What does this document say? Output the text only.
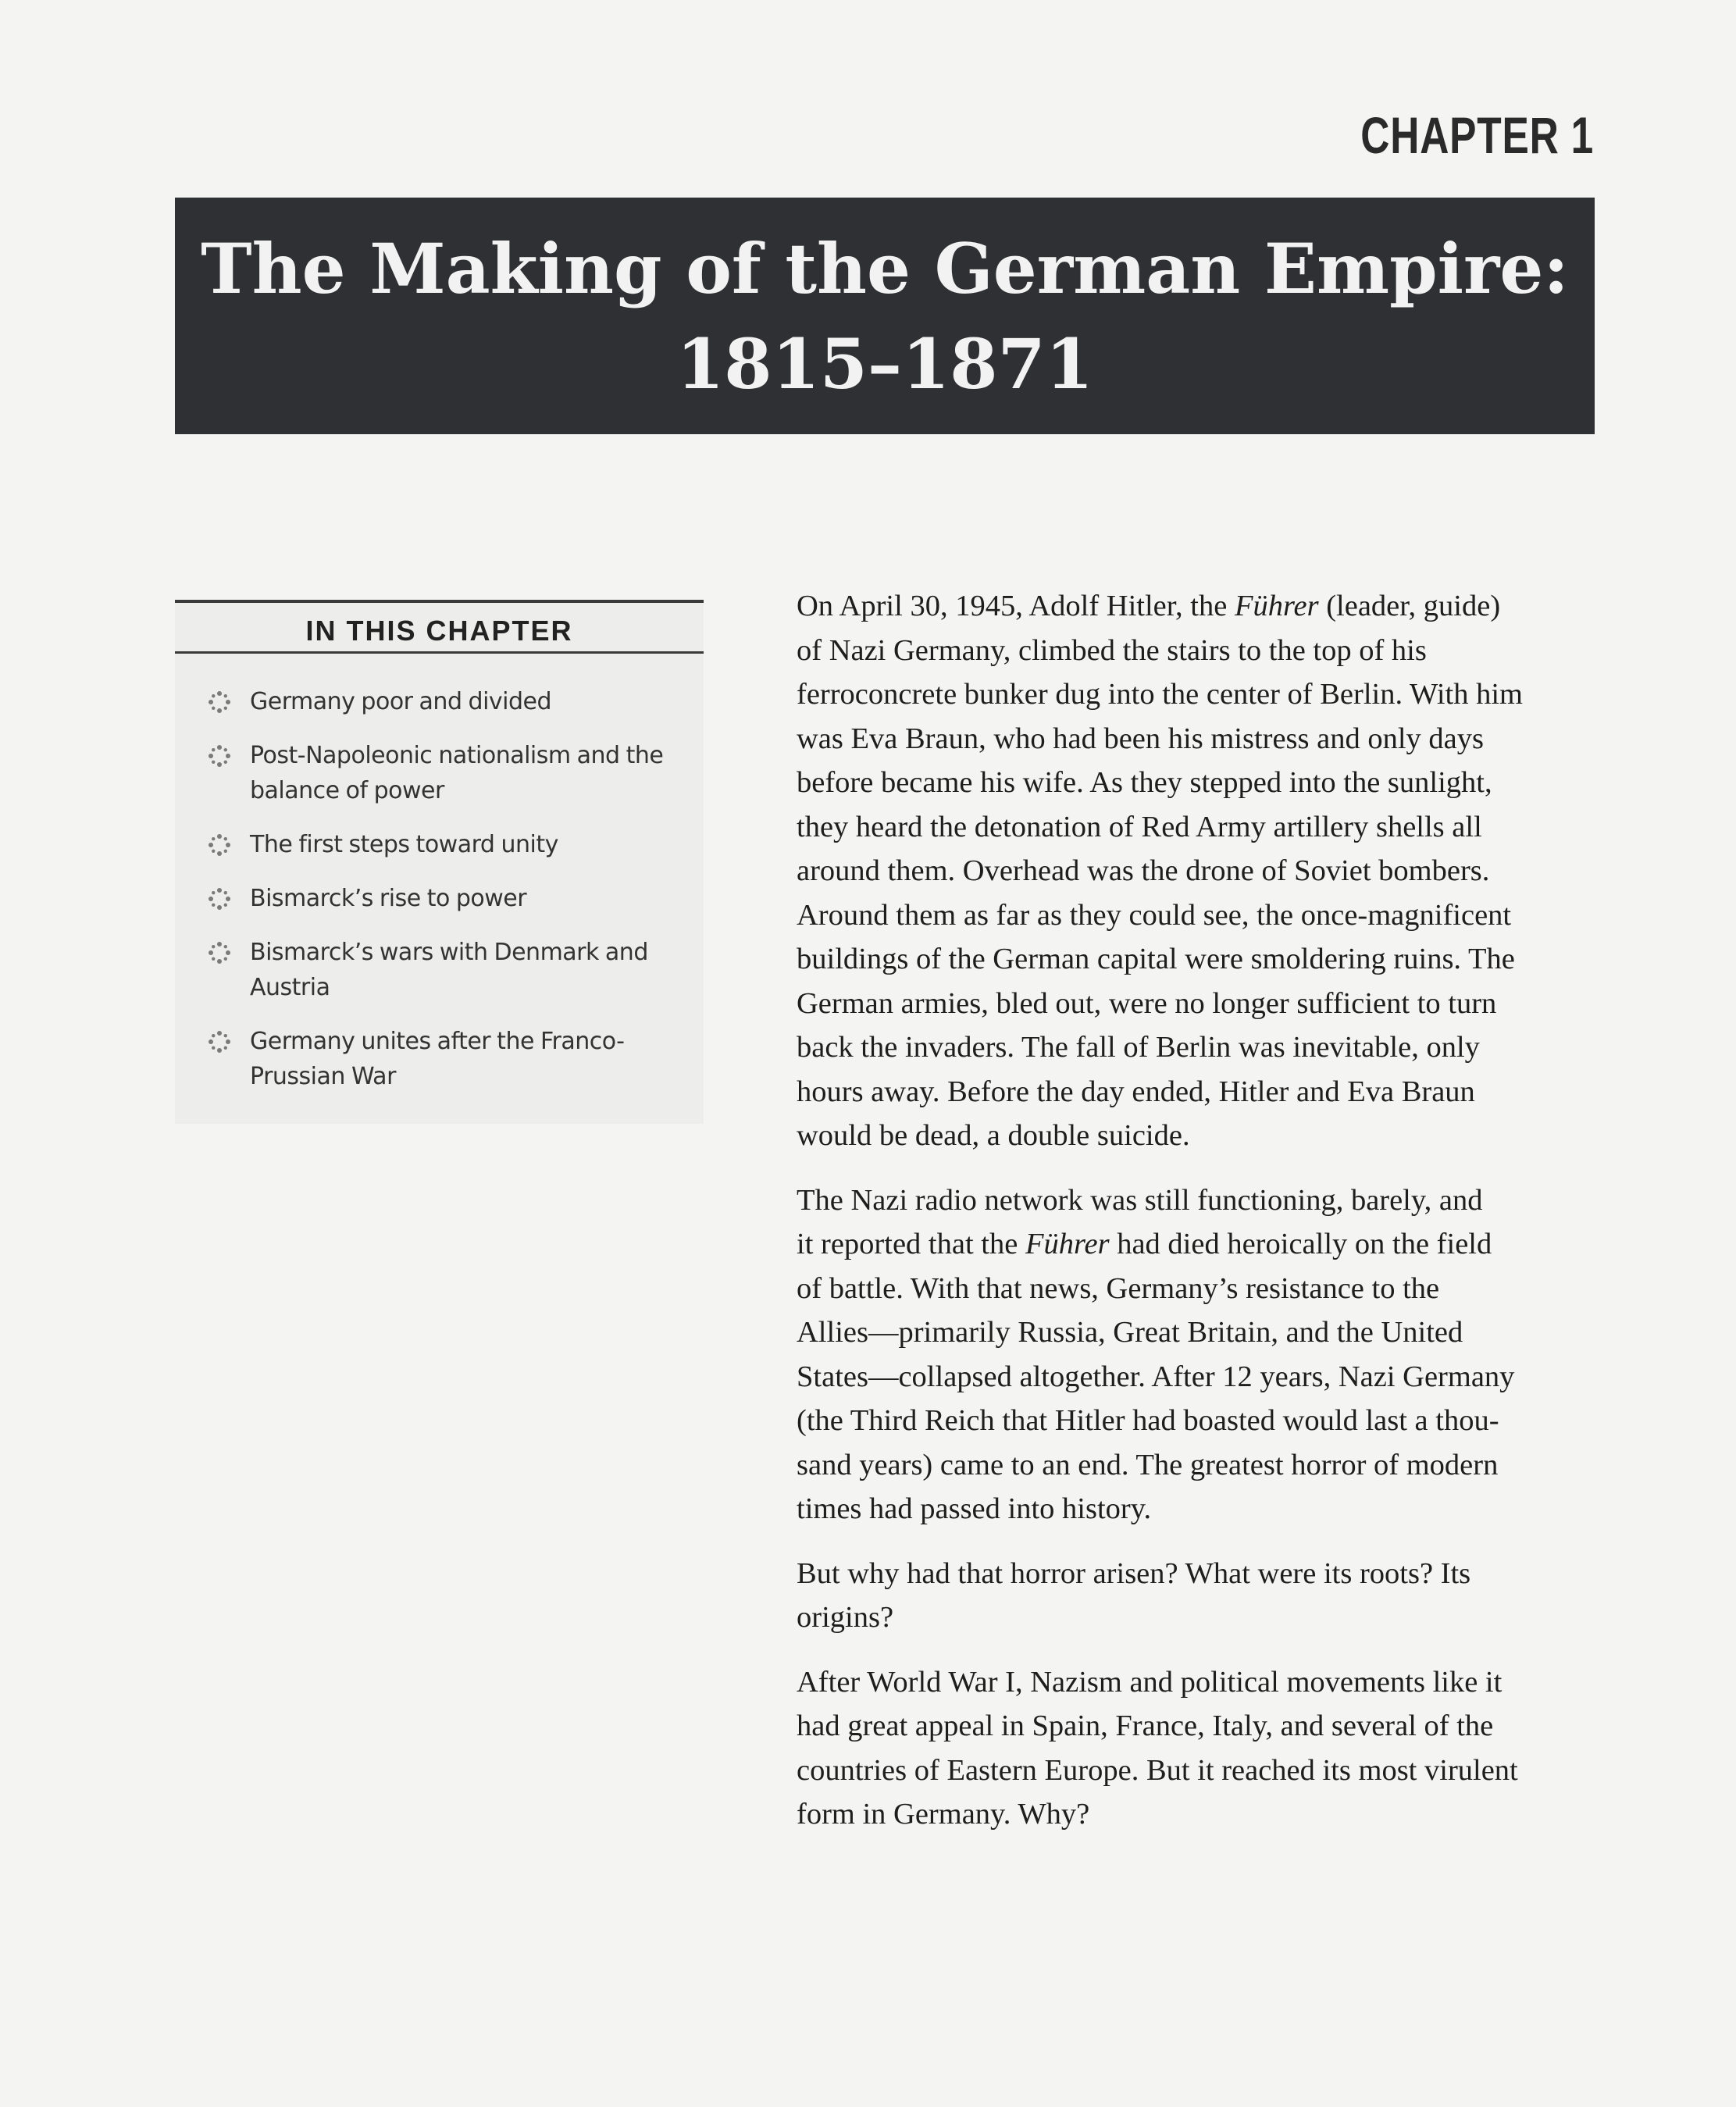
CHAPTER 1
The Making of the German Empire:
1815–1871
IN THIS CHAPTER
Germany poor and divided
Post-Napoleonic nationalism and the
balance of power
The first steps toward unity
Bismarck’s rise to power
Bismarck’s wars with Denmark and
Austria
Germany unites after the Franco-
Prussian War

On April 30, 1945, Adolf Hitler, the Führer (leader, guide)
of Nazi Germany, climbed the stairs to the top of his
ferroconcrete bunker dug into the center of Berlin. With him
was Eva Braun, who had been his mistress and only days
before became his wife. As they stepped into the sunlight,
they heard the detonation of Red Army artillery shells all
around them. Overhead was the drone of Soviet bombers.
Around them as far as they could see, the once-magnificent
buildings of the German capital were smoldering ruins. The
German armies, bled out, were no longer sufficient to turn
back the invaders. The fall of Berlin was inevitable, only
hours away. Before the day ended, Hitler and Eva Braun
would be dead, a double suicide.

The Nazi radio network was still functioning, barely, and
it reported that the Führer had died heroically on the field
of battle. With that news, Germany’s resistance to the
Allies—primarily Russia, Great Britain, and the United
States—collapsed altogether. After 12 years, Nazi Germany
(the Third Reich that Hitler had boasted would last a thou-
sand years) came to an end. The greatest horror of modern
times had passed into history.

But why had that horror arisen? What were its roots? Its
origins?

After World War I, Nazism and political movements like it
had great appeal in Spain, France, Italy, and several of the
countries of Eastern Europe. But it reached its most virulent
form in Germany. Why?
